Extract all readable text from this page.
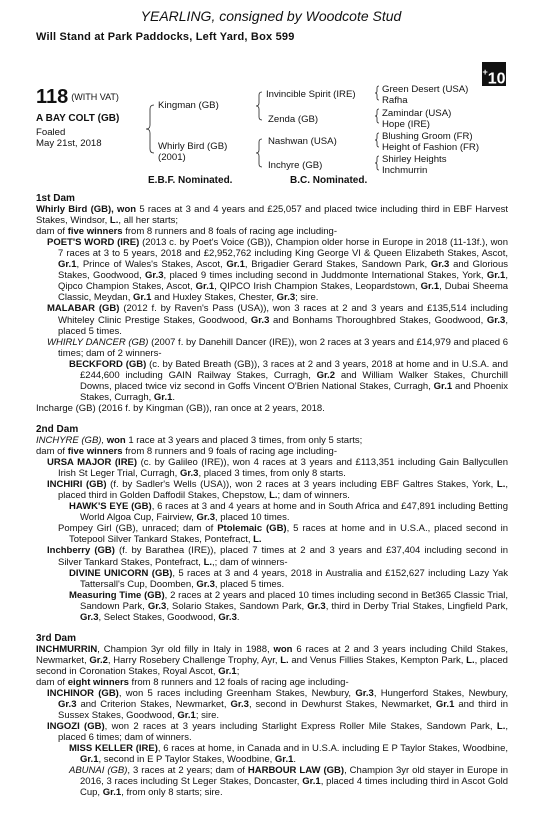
YEARLING, consigned by Woodcote Stud
Will Stand at Park Paddocks, Left Yard, Box 599
+10
118 (WITH VAT)
A BAY COLT (GB)
Foaled
May 21st, 2018
Kingman (GB)
Whirly Bird (GB)
(2001)
Invincible Spirit (IRE)
Zenda (GB)
Nashwan (USA)
Inchyre (GB)
Green Desert (USA)
Rafha
Zamindar (USA)
Hope (IRE)
Blushing Groom (FR)
Height of Fashion (FR)
Shirley Heights
Inchmurrin
E.B.F. Nominated.	B.C. Nominated.

1st Dam

Whirly Bird (GB), won 5 races at 3 and 4 years and £25,057 and placed twice including third in EBF Harvest Stakes, Windsor, L., all her starts;

dam of five winners from 8 runners and 8 foals of racing age including-

POET'S WORD (IRE) (2013 c. by Poet's Voice (GB)), Champion older horse in Europe in 2018 (11-13f.), won 7 races at 3 to 5 years, 2018 and £2,952,762 including King George VI & Queen Elizabeth Stakes, Ascot, Gr.1, Prince of Wales's Stakes, Ascot, Gr.1, Brigadier Gerard Stakes, Sandown Park, Gr.3 and Glorious Stakes, Goodwood, Gr.3, placed 9 times including second in Juddmonte International Stakes, York, Gr.1, Qipco Champion Stakes, Ascot, Gr.1, QIPCO Irish Champion Stakes, Leopardstown, Gr.1, Dubai Sheema Classic, Meydan, Gr.1 and Huxley Stakes, Chester, Gr.3; sire.

MALABAR (GB) (2012 f. by Raven's Pass (USA)), won 3 races at 2 and 3 years and £135,514 including Whiteley Clinic Prestige Stakes, Goodwood, Gr.3 and Bonhams Thoroughbred Stakes, Goodwood, Gr.3, placed 5 times.

WHIRLY DANCER (GB) (2007 f. by Danehill Dancer (IRE)), won 2 races at 3 years and £14,979 and placed 6 times; dam of 2 winners-

BECKFORD (GB) (c. by Bated Breath (GB)), 3 races at 2 and 3 years, 2018 at home and in U.S.A. and £244,600 including GAIN Railway Stakes, Curragh, Gr.2 and William Walker Stakes, Churchill Downs, placed twice viz second in Goffs Vincent O'Brien National Stakes, Curragh, Gr.1 and Phoenix Stakes, Curragh, Gr.1.

Incharge (GB) (2016 f. by Kingman (GB)), ran once at 2 years, 2018.

2nd Dam

INCHYRE (GB), won 1 race at 3 years and placed 3 times, from only 5 starts;

dam of five winners from 8 runners and 9 foals of racing age including-

URSA MAJOR (IRE) (c. by Galileo (IRE)), won 4 races at 3 years and £113,351 including Gain Ballycullen Irish St Leger Trial, Curragh, Gr.3, placed 3 times, from only 8 starts.

INCHIRI (GB) (f. by Sadler's Wells (USA)), won 2 races at 3 years including EBF Galtres Stakes, York, L., placed third in Golden Daffodil Stakes, Chepstow, L.; dam of winners.

HAWK'S EYE (GB), 6 races at 3 and 4 years at home and in South Africa and £47,891 including Betting World Algoa Cup, Fairview, Gr.3, placed 10 times.

Pompey Girl (GB), unraced; dam of Ptolemaic (GB), 5 races at home and in U.S.A., placed second in Totepool Silver Tankard Stakes, Pontefract, L.

Inchberry (GB) (f. by Barathea (IRE)), placed 7 times at 2 and 3 years and £37,404 including second in Silver Tankard Stakes, Pontefract, L.,; dam of winners-

DIVINE UNICORN (GB), 5 races at 3 and 4 years, 2018 in Australia and £152,627 including Lazy Yak Tattersall's Cup, Doomben, Gr.3, placed 5 times.

Measuring Time (GB), 2 races at 2 years and placed 10 times including second in Bet365 Classic Trial, Sandown Park, Gr.3, Solario Stakes, Sandown Park, Gr.3, third in Derby Trial Stakes, Lingfield Park, Gr.3, Select Stakes, Goodwood, Gr.3.

3rd Dam

INCHMURRIN, Champion 3yr old filly in Italy in 1988, won 6 races at 2 and 3 years including Child Stakes, Newmarket, Gr.2, Harry Rosebery Challenge Trophy, Ayr, L. and Venus Fillies Stakes, Kempton Park, L., placed second in Coronation Stakes, Royal Ascot, Gr.1;

dam of eight winners from 8 runners and 12 foals of racing age including-

INCHINOR (GB), won 5 races including Greenham Stakes, Newbury, Gr.3, Hungerford Stakes, Newbury, Gr.3 and Criterion Stakes, Newmarket, Gr.3, second in Dewhurst Stakes, Newmarket, Gr.1 and third in Sussex Stakes, Goodwood, Gr.1; sire.

INGOZI (GB), won 2 races at 3 years including Starlight Express Roller Mile Stakes, Sandown Park, L., placed 6 times; dam of winners.

MISS KELLER (IRE), 6 races at home, in Canada and in U.S.A. including E P Taylor Stakes, Woodbine, Gr.1, second in E P Taylor Stakes, Woodbine, Gr.1.

ABUNAI (GB), 3 races at 2 years; dam of HARBOUR LAW (GB), Champion 3yr old stayer in Europe in 2016, 3 races including St Leger Stakes, Doncaster, Gr.1, placed 4 times including third in Ascot Gold Cup, Gr.1, from only 8 starts; sire.
